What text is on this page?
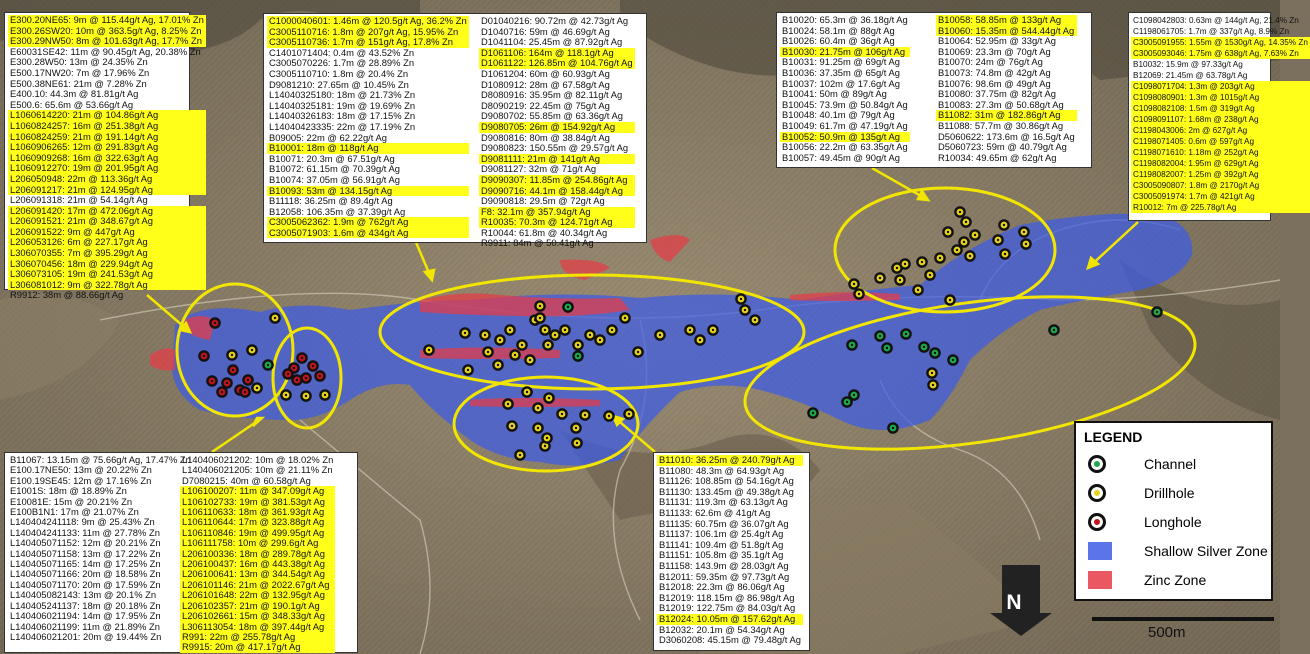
E300.20NE65: 9m @ 115.44g/t Ag, 17.01% Zn
E300.26SW20: 10m @ 363.5g/t Ag, 8.25% Zn
E300.29NW50: 8m @ 101.63g/t Ag, 17.7% Zn
E60031SE42: 11m @ 90.45g/t Ag, 20.38% Zn
E300.28W50: 13m @ 24.35% Zn
E500.17NW20: 7m @ 17.96% Zn
E500.38NE61: 21m @ 7.28% Zn
E400.10: 44.3m @ 81.81g/t Ag
E500.6: 65.6m @ 53.66g/t Ag
L1060614220: 21m @ 104.86g/t Ag
L1060824257: 16m @ 251.38g/t Ag
L1060824259: 21m @ 191.14g/t Ag
L1060906265: 12m @ 291.83g/t Ag
L1060909268: 16m @ 322.63g/t Ag
L1060912270: 19m @ 201.95g/t Ag
L206050948: 22m @ 113.36g/t Ag
L206091217: 21m @ 124.95g/t Ag
L206091318: 21m @ 54.14g/t Ag
L206091420: 17m @ 472.06g/t Ag
L206091521: 21m @ 348.67g/t Ag
L206091522: 9m @ 447g/t Ag
L206053126: 6m @ 227.17g/t Ag
L306070355: 7m @ 395.29g/t Ag
L306070456: 18m @ 229.94g/t Ag
L306073105: 19m @ 241.53g/t Ag
L306081012: 9m @ 322.78g/t Ag
R9912: 38m @ 88.66g/t Ag
C1000040601: 1.46m @ 120.5g/t Ag, 36.2% Zn
C3005110716: 1.8m @ 207g/t Ag, 15.95% Zn
C3005110736: 1.7m @ 151g/t Ag, 17.8% Zn
C1401071404: 0.4m @ 43.52% Zn
C3005070226: 1.7m @ 28.89% Zn
C3005110710: 1.8m @ 20.4% Zn
D9081210: 27.65m @ 10.45% Zn
L14040325180: 18m @ 21.73% Zn
L14040325181: 19m @ 19.69% Zn
L14040326183: 18m @ 17.15% Zn
L14040423335: 22m @ 17.19% Zn
B09005: 22m @ 62.22g/t Ag
B10001: 18m @ 118g/t Ag
B10071: 20.3m @ 67.51g/t Ag
B10072: 61.15m @ 70.39g/t Ag
B10074: 37.05m @ 56.91g/t Ag
B10093: 53m @ 134.15g/t Ag
B11118: 36.25m @ 89.4g/t Ag
B12058: 106.35m @ 37.39g/t Ag
C3005062362: 1.9m @ 762g/t Ag
C3005071903: 1.6m @ 434g/t Ag
D01040216: 90.72m @ 42.73g/t Ag
D1040716: 59m @ 46.69g/t Ag
D1041104: 25.45m @ 87.92g/t Ag
D1061106: 164m @ 118.1g/t Ag
D1061122: 126.85m @ 104.76g/t Ag
D1061204: 60m @ 60.93g/t Ag
D1080912: 28m @ 67.58g/t Ag
D8080916: 35.95m @ 82.11g/t Ag
D8090219: 22.45m @ 75g/t Ag
D9080702: 55.85m @ 63.36g/t Ag
D9080705: 26m @ 154.92g/t Ag
D9080816: 80m @ 38.84g/t Ag
D9080823: 150.55m @ 29.57g/t Ag
D9081111: 21m @ 141g/t Ag
D9081127: 32m @ 71g/t Ag
D9090307: 11.85m @ 254.86g/t Ag
D9090716: 44.1m @ 158.44g/t Ag
D9090818: 29.5m @ 72g/t Ag
F8: 32.1m @ 357.94g/t Ag
R10035: 70.3m @ 124.71g/t Ag
R10044: 61.8m @ 40.34g/t Ag
R9911: 84m @ 50.41g/t Ag
B10020: 65.3m @ 36.18g/t Ag
B10024: 58.1m @ 88g/t Ag
B10026: 60.4m @ 36g/t Ag
B10030: 21.75m @ 106g/t Ag
B10031: 91.25m @ 69g/t Ag
B10036: 37.35m @ 65g/t Ag
B10037: 102m @ 17.6g/t Ag
B10041: 50m @ 89g/t Ag
B10045: 73.9m @ 50.84g/t Ag
B10048: 40.1m @ 79g/t Ag
B10049: 61.7m @ 47.19g/t Ag
B10052: 50.9m @ 135g/t Ag
B10056: 22.2m @ 63.35g/t Ag
B10057: 49.45m @ 90g/t Ag
B10058: 58.85m @ 133g/t Ag
B10060: 15.35m @ 544.44g/t Ag
B10064: 52.95m @ 33g/t Ag
B10069: 23.3m @ 70g/t Ag
B10070: 24m @ 76g/t Ag
B10073: 74.8m @ 42g/t Ag
B10076: 98.6m @ 49g/t Ag
B10080: 37.75m @ 82g/t Ag
B10083: 27.3m @ 50.68g/t Ag
B11082: 31m @ 182.86g/t Ag
B11088: 57.7m @ 30.86g/t Ag
D5060622: 173.6m @ 16.5g/t Ag
D5060723: 59m @ 40.79g/t Ag
R10034: 49.65m @ 62g/t Ag
C1098042803: 0.63m @ 144g/t Ag, 21.4% Zn
C1198061705: 1.7m @ 337g/t Ag, 8.9% Zn
C3005091955: 1.55m @ 1530g/t Ag, 14.35% Zn
C3005093046: 1.75m @ 638g/t Ag, 7.63% Zn
B10032: 15.9m @ 97.33g/t Ag
B12069: 21.45m @ 63.78g/t Ag
C1098071704: 1.3m @ 203g/t Ag
C1098080901: 1.3m @ 1015g/t Ag
C1098082108: 1.5m @ 319g/t Ag
C1098091107: 1.68m @ 238g/t Ag
C1198043006: 2m @ 627g/t Ag
C1198071405: 0.6m @ 597g/t Ag
C1198071610: 1.18m @ 252g/t Ag
C1198082004: 1.95m @ 629g/t Ag
C1198082007: 1.25m @ 392g/t Ag
C3005090807: 1.8m @ 2170g/t Ag
C3005091974: 1.7m @ 421g/t Ag
R10012: 7m @ 225.78g/t Ag
B11067: 13.15m @ 75.66g/t Ag, 17.47% Zn
E100.17NE50: 13m @ 20.22% Zn
E100.19SE45: 12m @ 17.16% Zn
E1001S: 18m @ 18.89% Zn
E10081E: 15m @ 20.21% Zn
E100B1N1: 17m @ 21.07% Zn
L140404241118: 9m @ 25.43% Zn
L140404241133: 11m @ 27.78% Zn
L140405071152: 12m @ 20.21% Zn
L140405071158: 13m @ 17.22% Zn
L140405071165: 14m @ 17.25% Zn
L140405071166: 20m @ 18.58% Zn
L140405071170: 20m @ 17.59% Zn
L140405082143: 13m @ 20.1% Zn
L140405241137: 18m @ 20.18% Zn
L140406021194: 14m @ 17.95% Zn
L140406021199: 11m @ 21.89% Zn
L140406021201: 20m @ 19.44% Zn
L140406021202: 10m @ 18.02% Zn
L140406021205: 10m @ 21.11% Zn
D7080215: 40m @ 60.58g/t Ag
L106100207: 11m @ 347.09g/t Ag
L106102733: 19m @ 381.53g/t Ag
L106110633: 18m @ 361.93g/t Ag
L106110644: 17m @ 323.88g/t Ag
L106110846: 19m @ 499.95g/t Ag
L106111758: 10m @ 299.6g/t Ag
L206100336: 18m @ 289.78g/t Ag
L206100437: 16m @ 443.38g/t Ag
L206100641: 13m @ 344.54g/t Ag
L206101146: 21m @ 2022.67g/t Ag
L206101648: 22m @ 132.95g/t Ag
L206102357: 21m @ 190.1g/t Ag
L206102661: 15m @ 348.33g/t Ag
L306113054: 18m @ 397.44g/t Ag
R991: 22m @ 255.78g/t Ag
R9915: 20m @ 417.17g/t Ag
B11010: 36.25m @ 240.79g/t Ag
B11080: 48.3m @ 64.93g/t Ag
B11126: 108.85m @ 54.16g/t Ag
B11130: 133.45m @ 49.38g/t Ag
B11131: 119.3m @ 63.13g/t Ag
B11133: 62.6m @ 41g/t Ag
B11135: 60.75m @ 36.07g/t Ag
B11137: 106.1m @ 25.4g/t Ag
B11141: 109.4m @ 51.8g/t Ag
B11151: 105.8m @ 35.1g/t Ag
B11158: 143.9m @ 28.03g/t Ag
B12011: 59.35m @ 97.73g/t Ag
B12018: 22.3m @ 86.06g/t Ag
B12019: 118.15m @ 86.98g/t Ag
B12019: 122.75m @ 84.03g/t Ag
B12024: 10.05m @ 157.62g/t Ag
B12032: 20.1m @ 54.34g/t Ag
D3060208: 45.15m @ 79.48g/t Ag
LEGEND
Channel
Drillhole
Longhole
Shallow Silver Zone
Zinc Zone
N
500m
